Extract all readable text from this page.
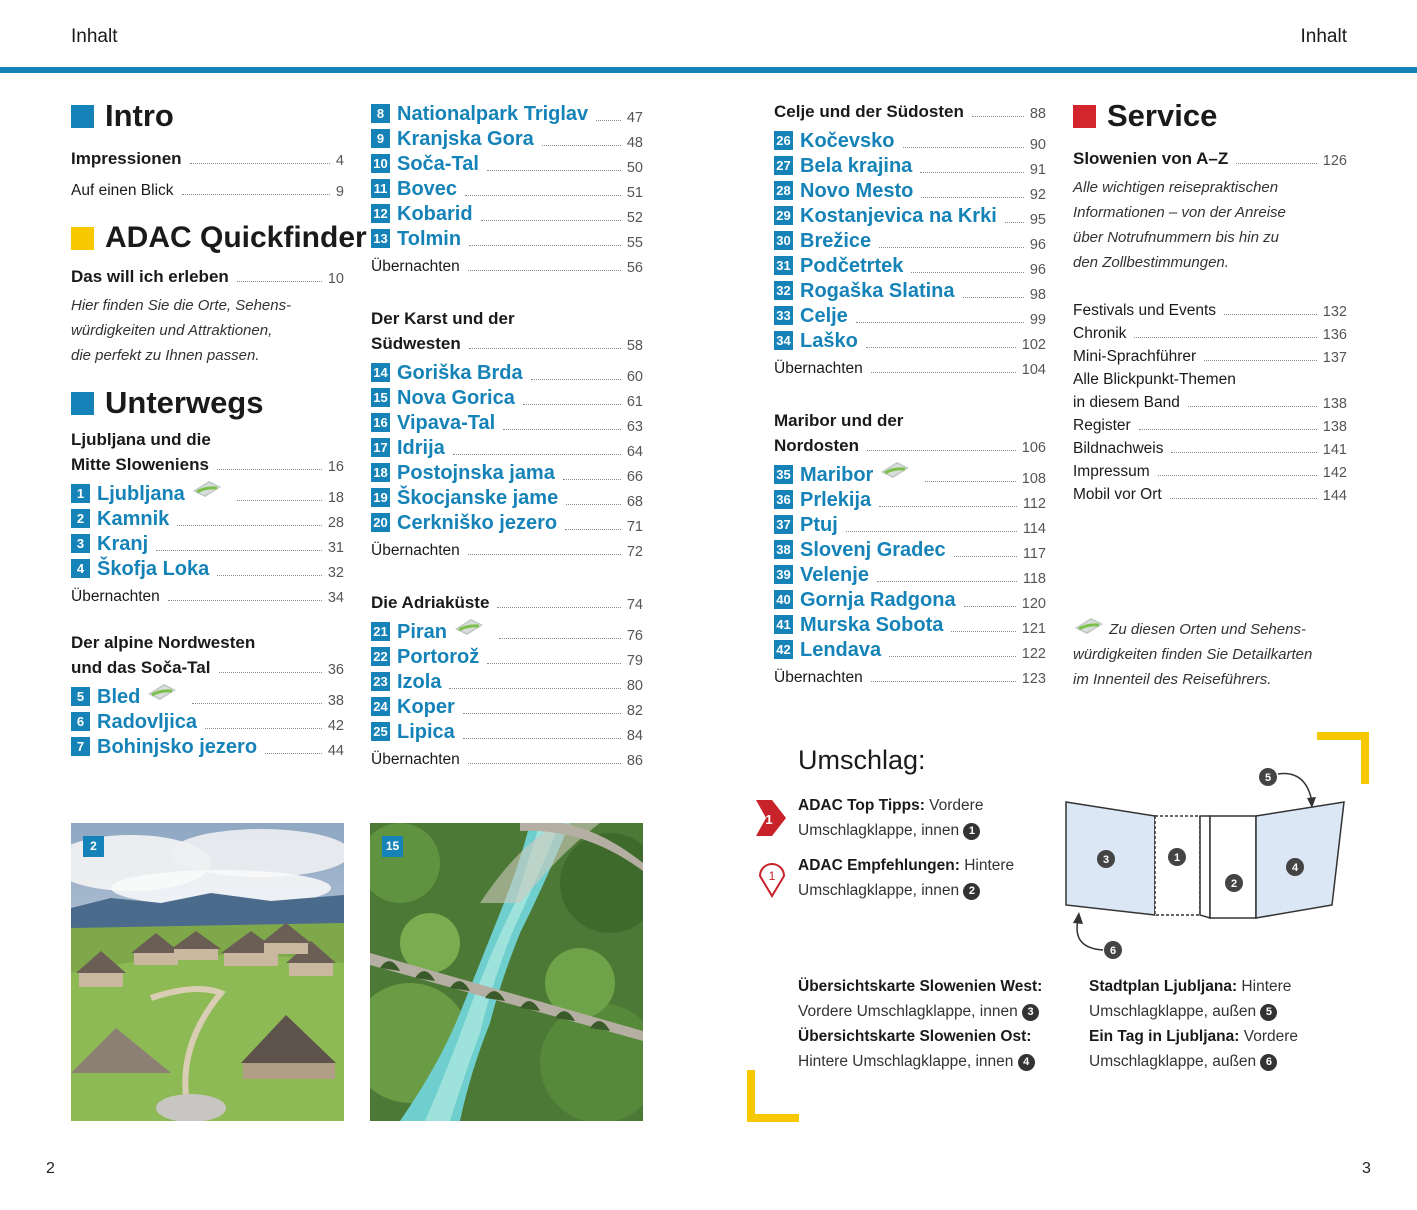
Inhalt	Inhalt
Intro
Impressionen	4
Auf einen Blick	9
ADAC Quickfinder
Das will ich erleben	10
Hier finden Sie die Orte, Sehens-
würdigkeiten und Attraktionen,
die perfekt zu Ihnen passen.
Unterwegs
Ljubljana und die
Mitte Sloweniens	16
1 Ljubljana	18
2 Kamnik	28
3 Kranj	31
4 Škofja Loka	32
Übernachten	34
Der alpine Nordwesten
und das Soča-Tal	36
5 Bled	38
6 Radovljica	42
7 Bohinjsko jezero	44
8 Nationalpark Triglav	47
9 Kranjska Gora	48
10 Soča-Tal	50
11 Bovec	51
12 Kobarid	52
13 Tolmin	55
Übernachten	56
Der Karst und der
Südwesten	58
14 Goriška Brda	60
15 Nova Gorica	61
16 Vipava-Tal	63
17 Idrija	64
18 Postojnska jama	66
19 Škocjanske jame	68
20 Cerkniško jezero	71
Übernachten	72
Die Adriaküste	74
21 Piran	76
22 Portorož	79
23 Izola	80
24 Koper	82
25 Lipica	84
Übernachten	86
Celje und der Südosten	88
26 Kočevsko	90
27 Bela krajina	91
28 Novo Mesto	92
29 Kostanjevica na Krki 95
30 Brežice	96
31 Podčetrtek	96
32 Rogaška Slatina	98
33 Celje	99
34 Laško	102
Übernachten	104
Maribor und der
Nordosten	106
35 Maribor	108
36 Prlekija	112
37 Ptuj	114
38 Slovenj Gradec	117
39 Velenje	118
40 Gornja Radgona	120
41 Murska Sobota	121
42 Lendava	122
Übernachten	123
Service
Slowenien von A–Z	126
Alle wichtigen reisepraktischen
Informationen – von der Anreise
über Notrufnummern bis hin zu
den Zollbestimmungen.
Festivals und Events	132
Chronik	136
Mini-Sprachführer	137
Alle Blickpunkt-Themen
in diesem Band	138
Register	138
Bildnachweis	141
Impressum	142
Mobil vor Ort	144
Zu diesen Orten und Sehens-
würdigkeiten finden Sie Detailkarten
im Innenteil des Reiseführers.
2	15
Umschlag:
1
ADAC Top Tipps: Vordere
Umschlagklappe, innen 1
1
ADAC Empfehlungen: Hintere
Umschlagklappe, innen 2
3	1
2
4
5
6
Übersichtskarte Slowenien West:
Vordere Umschlagklappe, innen 3
Übersichtskarte Slowenien Ost:
Hintere Umschlagklappe, innen 4
Stadtplan Ljubljana: Hintere
Umschlagklappe, außen 5
Ein Tag in Ljubljana: Vordere
Umschlagklappe, außen 6
2	3
